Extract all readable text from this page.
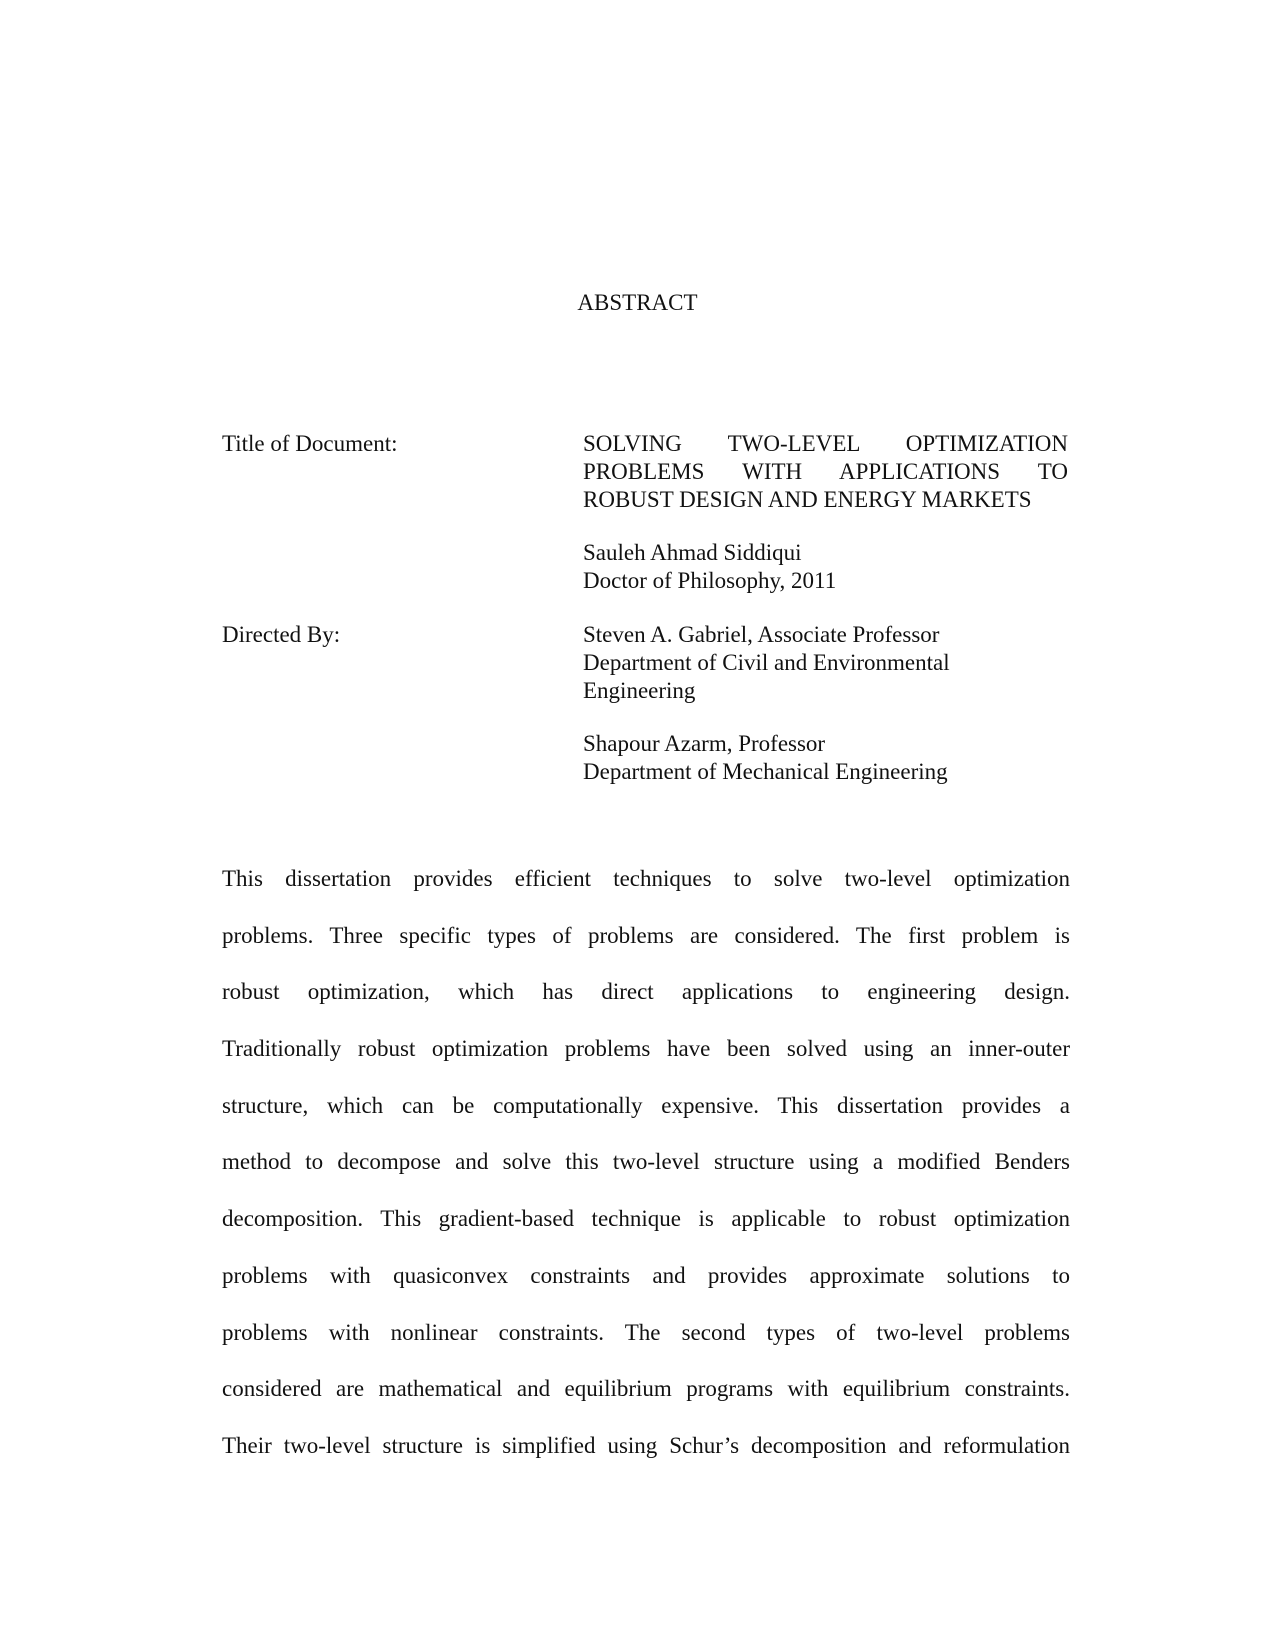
ABSTRACT
Title of Document:	SOLVING TWO-LEVEL OPTIMIZATION
PROBLEMS WITH APPLICATIONS TO
ROBUST DESIGN AND ENERGY MARKETS
Sauleh Ahmad Siddiqui
Doctor of Philosophy, 2011
Directed By:	Steven A. Gabriel, Associate Professor
Department of Civil and Environmental
Engineering
Shapour Azarm, Professor
Department of Mechanical Engineering
This dissertation provides efficient techniques to solve two-level optimization
problems. Three specific types of problems are considered. The first problem is
robust optimization, which has direct applications to engineering design.
Traditionally robust optimization problems have been solved using an inner-outer
structure, which can be computationally expensive. This dissertation provides a
method to decompose and solve this two-level structure using a modified Benders
decomposition. This gradient-based technique is applicable to robust optimization
problems with quasiconvex constraints and provides approximate solutions to
problems with nonlinear constraints. The second types of two-level problems
considered are mathematical and equilibrium programs with equilibrium constraints.
Their two-level structure is simplified using Schur’s decomposition and reformulation
